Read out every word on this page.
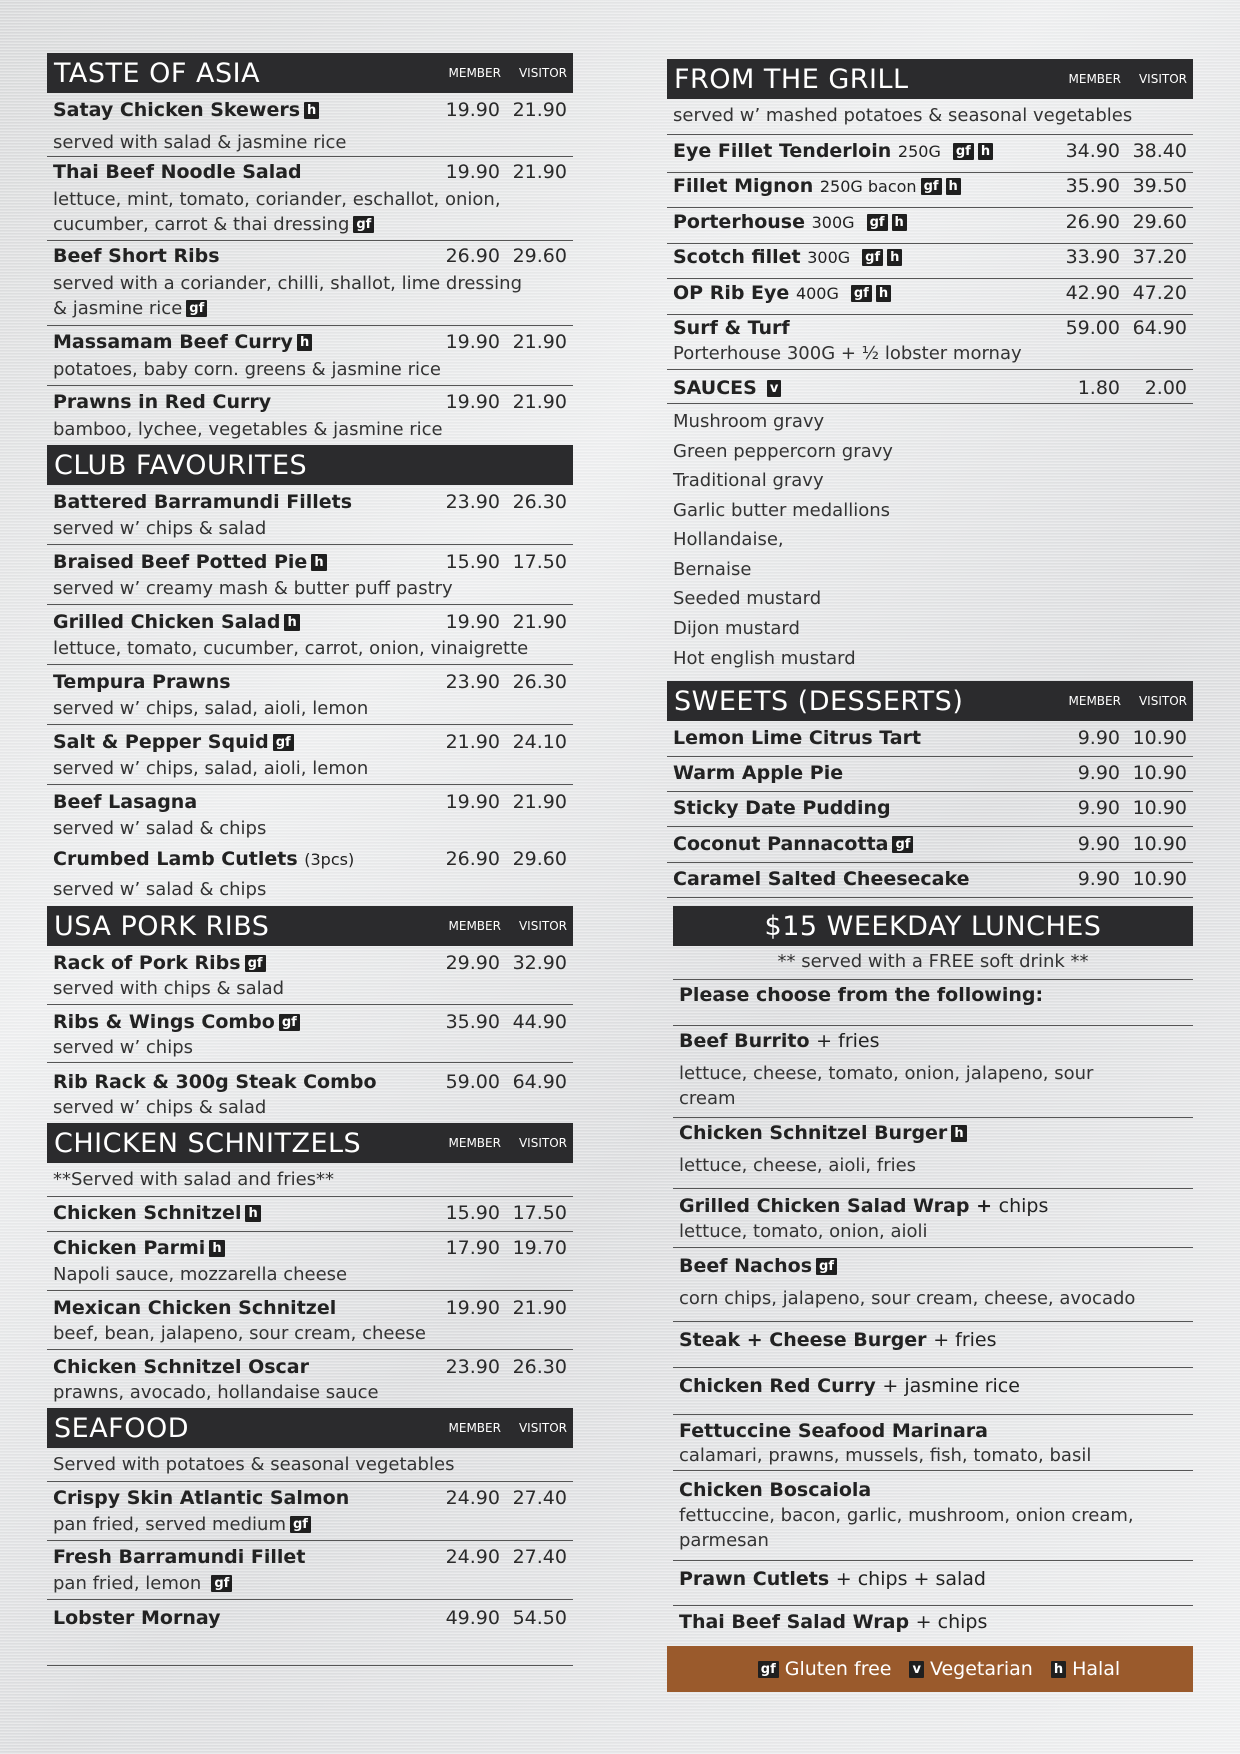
TASTE OF ASIA	MEMBER VISITOR
Satay Chicken Skewers h	19.90 21.90
served with salad & jasmine rice
Thai Beef Noodle Salad	19.90 21.90
lettuce, mint, tomato, coriander, eschallot, onion,
cucumber, carrot & thai dressing gf
Beef Short Ribs	26.90 29.60
served with a coriander, chilli, shallot, lime dressing
& jasmine rice gf
Massamam Beef Curry h	19.90 21.90
potatoes, baby corn. greens & jasmine rice
Prawns in Red Curry	19.90 21.90
bamboo, lychee, vegetables & jasmine rice
CLUB FAVOURITES
Battered Barramundi Fillets	23.90 26.30
served w’ chips & salad
Braised Beef Potted Pie h	15.90 17.50
served w’ creamy mash & butter puff pastry
Grilled Chicken Salad h	19.90 21.90
lettuce, tomato, cucumber, carrot, onion, vinaigrette
Tempura Prawns	23.90 26.30
served w’ chips, salad, aioli, lemon
Salt & Pepper Squid gf	21.90 24.10
served w’ chips, salad, aioli, lemon
Beef Lasagna	19.90 21.90
served w’ salad & chips
Crumbed Lamb Cutlets (3pcs)	26.90 29.60
served w’ salad & chips
USA PORK RIBS	MEMBER VISITOR
Rack of Pork Ribs gf	29.90 32.90
served with chips & salad
Ribs & Wings Combo gf	35.90 44.90
served w’ chips
Rib Rack & 300g Steak Combo	59.00 64.90
served w’ chips & salad
CHICKEN SCHNITZELS	MEMBER VISITOR
**Served with salad and fries**
Chicken Schnitzel h	15.90 17.50
Chicken Parmi h	17.90 19.70
Napoli sauce, mozzarella cheese
Mexican Chicken Schnitzel	19.90 21.90
beef, bean, jalapeno, sour cream, cheese
Chicken Schnitzel Oscar	23.90 26.30
prawns, avocado, hollandaise sauce
SEAFOOD	MEMBER VISITOR
Served with potatoes & seasonal vegetables
Crispy Skin Atlantic Salmon	24.90 27.40
pan fried, served medium gf
Fresh Barramundi Fillet	24.90 27.40
pan fried, lemon gf
Lobster Mornay	49.90 54.50
FROM THE GRILL	MEMBER VISITOR
served w’ mashed potatoes & seasonal vegetables
Eye Fillet Tenderloin 250G gf h	34.90 38.40
Fillet Mignon 250G bacon gf h	35.90 39.50
Porterhouse 300G gf h	26.90 29.60
Scotch fillet 300G gf h	33.90 37.20
OP Rib Eye 400G gf h	42.90 47.20
Surf & Turf	59.00 64.90
Porterhouse 300G + ½ lobster mornay
SAUCES v	1.80 2.00
Mushroom gravy
Green peppercorn gravy
Traditional gravy
Garlic butter medallions
Hollandaise,
Bernaise
Seeded mustard
Dijon mustard
Hot english mustard
SWEETS (DESSERTS)	MEMBER VISITOR
Lemon Lime Citrus Tart	9.90 10.90
Warm Apple Pie	9.90 10.90
Sticky Date Pudding	9.90 10.90
Coconut Pannacotta gf	9.90 10.90
Caramel Salted Cheesecake	9.90 10.90
$15 WEEKDAY LUNCHES
** served with a FREE soft drink **
Please choose from the following:
Beef Burrito + fries
lettuce, cheese, tomato, onion, jalapeno, sour
cream
Chicken Schnitzel Burger h
lettuce, cheese, aioli, fries
Grilled Chicken Salad Wrap + chips
lettuce, tomato, onion, aioli
Beef Nachos gf
corn chips, jalapeno, sour cream, cheese, avocado
Steak + Cheese Burger + fries
Chicken Red Curry + jasmine rice
Fettuccine Seafood Marinara
calamari, prawns, mussels, fish, tomato, basil
Chicken Boscaiola
fettuccine, bacon, garlic, mushroom, onion cream,
parmesan
Prawn Cutlets + chips + salad
Thai Beef Salad Wrap + chips
gf Gluten free v Vegetarian h Halal
